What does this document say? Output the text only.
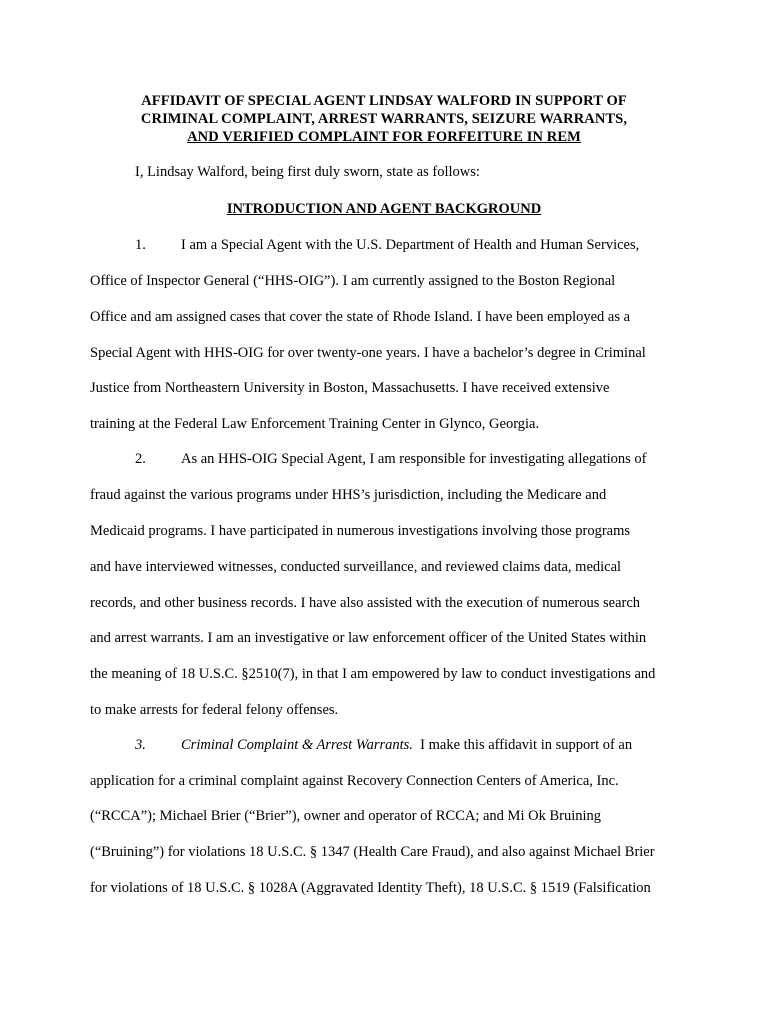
AFFIDAVIT OF SPECIAL AGENT LINDSAY WALFORD IN SUPPORT OF
CRIMINAL COMPLAINT, ARREST WARRANTS, SEIZURE WARRANTS,
AND VERIFIED COMPLAINT FOR FORFEITURE IN REM
I, Lindsay Walford, being first duly sworn, state as follows:
INTRODUCTION AND AGENT BACKGROUND
1. I am a Special Agent with the U.S. Department of Health and Human Services,
Office of Inspector General (“HHS-OIG”). I am currently assigned to the Boston Regional
Office and am assigned cases that cover the state of Rhode Island. I have been employed as a
Special Agent with HHS-OIG for over twenty-one years. I have a bachelor’s degree in Criminal
Justice from Northeastern University in Boston, Massachusetts. I have received extensive
training at the Federal Law Enforcement Training Center in Glynco, Georgia.
2. As an HHS-OIG Special Agent, I am responsible for investigating allegations of
fraud against the various programs under HHS’s jurisdiction, including the Medicare and
Medicaid programs. I have participated in numerous investigations involving those programs
and have interviewed witnesses, conducted surveillance, and reviewed claims data, medical
records, and other business records. I have also assisted with the execution of numerous search
and arrest warrants. I am an investigative or law enforcement officer of the United States within
the meaning of 18 U.S.C. §2510(7), in that I am empowered by law to conduct investigations and
to make arrests for federal felony offenses.
3. Criminal Complaint & Arrest Warrants.  I make this affidavit in support of an
application for a criminal complaint against Recovery Connection Centers of America, Inc.
(“RCCA”); Michael Brier (“Brier”), owner and operator of RCCA; and Mi Ok Bruining
(“Bruining”) for violations 18 U.S.C. § 1347 (Health Care Fraud), and also against Michael Brier
for violations of 18 U.S.C. § 1028A (Aggravated Identity Theft), 18 U.S.C. § 1519 (Falsification
